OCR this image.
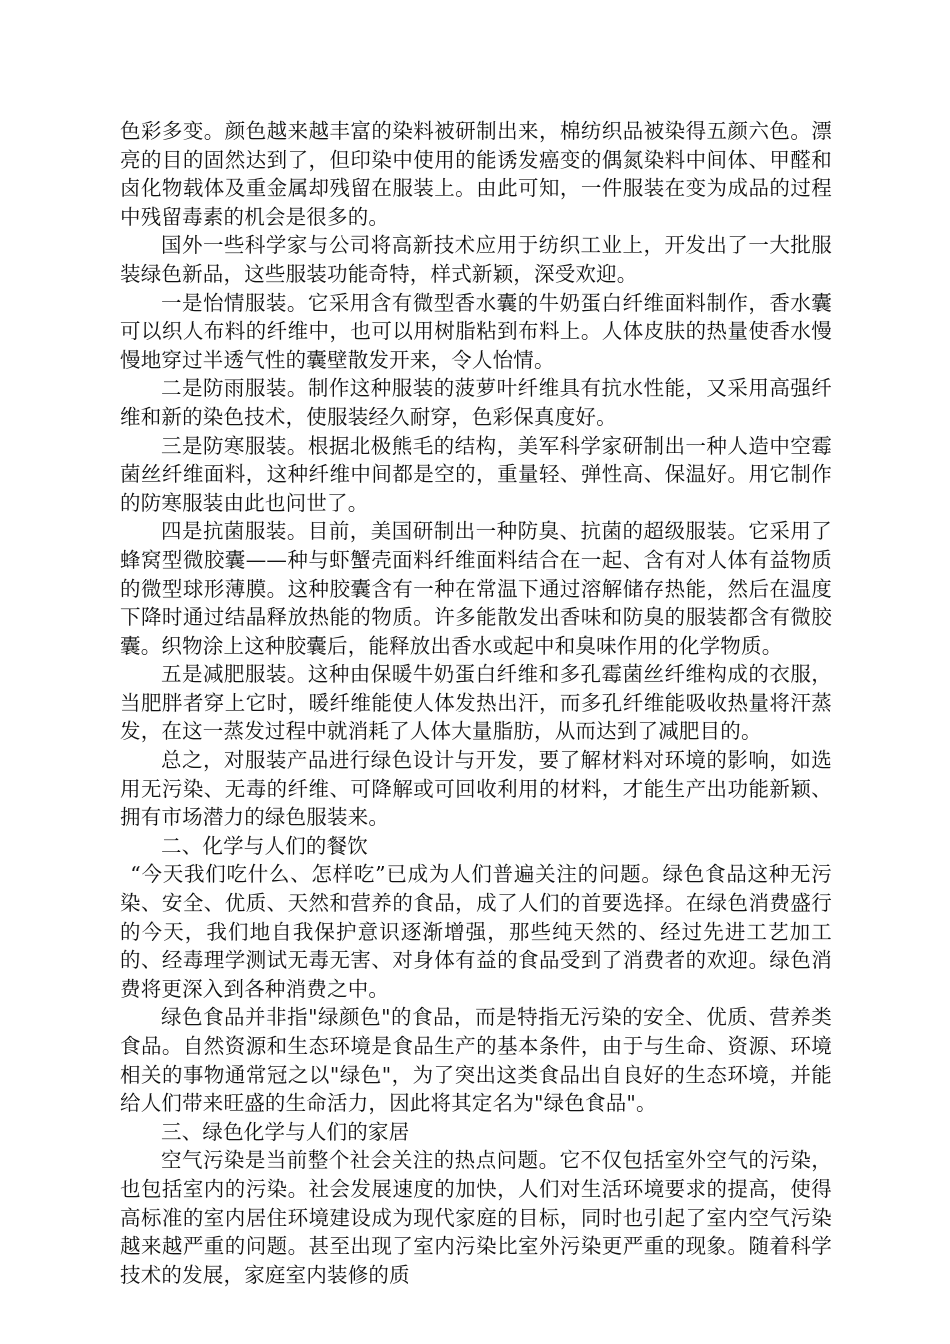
色彩多变。颜色越来越丰富的染料被研制出来，棉纺织品被染得五颜六色。漂亮的目的固然达到了，但印染中使用的能诱发癌变的偶氮染料中间体、甲醛和卤化物载体及重金属却残留在服装上。由此可知，一件服装在变为成品的过程中残留毒素的机会是很多的。

国外一些科学家与公司将高新技术应用于纺织工业上，开发出了一大批服装绿色新品，这些服装功能奇特，样式新颖，深受欢迎。

一是怡情服装。它采用含有微型香水囊的牛奶蛋白纤维面料制作，香水囊可以织人布料的纤维中，也可以用树脂粘到布料上。人体皮肤的热量使香水慢慢地穿过半透气性的囊壁散发开来，令人怡情。

二是防雨服装。制作这种服装的菠萝叶纤维具有抗水性能，又采用高强纤维和新的染色技术，使服装经久耐穿，色彩保真度好。

三是防寒服装。根据北极熊毛的结构，美军科学家研制出一种人造中空霉菌丝纤维面料，这种纤维中间都是空的，重量轻、弹性高、保温好。用它制作的防寒服装由此也问世了。

四是抗菌服装。目前，美国研制出一种防臭、抗菌的超级服装。它采用了蜂窝型微胶囊——种与虾蟹壳面料纤维面料结合在一起、含有对人体有益物质的微型球形薄膜。这种胶囊含有一种在常温下通过溶解储存热能，然后在温度下降时通过结晶释放热能的物质。许多能散发出香味和防臭的服装都含有微胶囊。织物涂上这种胶囊后，能释放出香水或起中和臭味作用的化学物质。

五是减肥服装。这种由保暖牛奶蛋白纤维和多孔霉菌丝纤维构成的衣服，当肥胖者穿上它时，暖纤维能使人体发热出汗，而多孔纤维能吸收热量将汗蒸发，在这一蒸发过程中就消耗了人体大量脂肪，从而达到了减肥目的。

总之，对服装产品进行绿色设计与开发，要了解材料对环境的影响，如选用无污染、无毒的纤维、可降解或可回收利用的材料，才能生产出功能新颖、拥有市场潜力的绿色服装来。

二、化学与人们的餐饮

“今天我们吃什么、怎样吃”已成为人们普遍关注的问题。绿色食品这种无污染、安全、优质、天然和营养的食品，成了人们的首要选择。在绿色消费盛行的今天，我们地自我保护意识逐渐增强，那些纯天然的、经过先进工艺加工的、经毒理学测试无毒无害、对身体有益的食品受到了消费者的欢迎。绿色消费将更深入到各种消费之中。

绿色食品并非指"绿颜色"的食品，而是特指无污染的安全、优质、营养类食品。自然资源和生态环境是食品生产的基本条件，由于与生命、资源、环境相关的事物通常冠之以"绿色"，为了突出这类食品出自良好的生态环境，并能给人们带来旺盛的生命活力，因此将其定名为"绿色食品"。

三、绿色化学与人们的家居

空气污染是当前整个社会关注的热点问题。它不仅包括室外空气的污染，也包括室内的污染。社会发展速度的加快，人们对生活环境要求的提高，使得高标准的室内居住环境建设成为现代家庭的目标，同时也引起了室内空气污染越来越严重的问题。甚至出现了室内污染比室外污染更严重的现象。随着科学技术的发展，家庭室内装修的质
